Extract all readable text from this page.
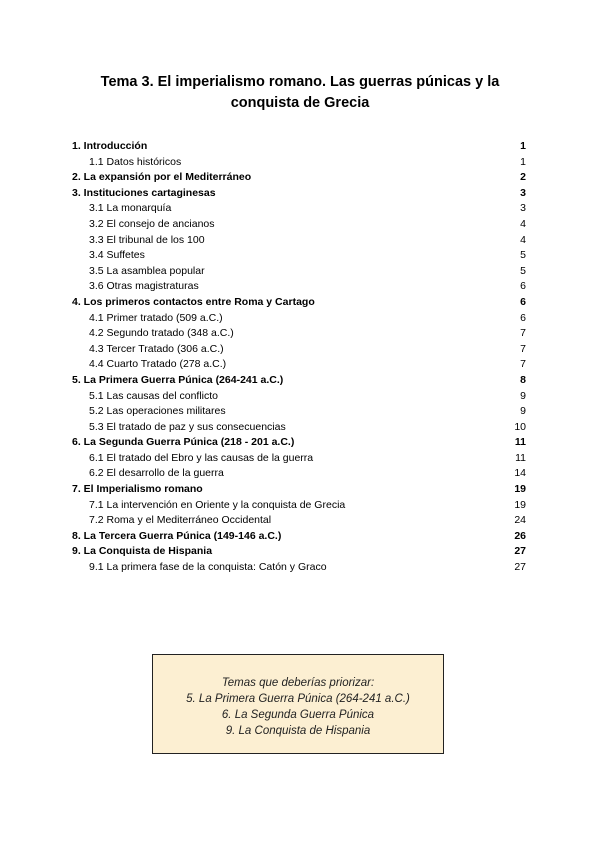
Tema 3. El imperialismo romano. Las guerras púnicas y la
conquista de Grecia
1. Introducción	1
1.1 Datos históricos	1
2. La expansión por el Mediterráneo	2
3. Instituciones cartaginesas	3
3.1 La monarquía	3
3.2 El consejo de ancianos	4
3.3 El tribunal de los 100	4
3.4 Suffetes	5
3.5 La asamblea popular	5
3.6 Otras magistraturas	6
4. Los primeros contactos entre Roma y Cartago	6
4.1 Primer tratado (509 a.C.)	6
4.2 Segundo tratado (348 a.C.)	7
4.3 Tercer Tratado (306 a.C.)	7
4.4 Cuarto Tratado (278 a.C.)	7
5. La Primera Guerra Púnica (264-241 a.C.)	8
5.1 Las causas del conflicto	9
5.2 Las operaciones militares	9
5.3 El tratado de paz y sus consecuencias	10
6. La Segunda Guerra Púnica (218 - 201 a.C.)	11
6.1 El tratado del Ebro y las causas de la guerra	11
6.2 El desarrollo de la guerra	14
7. El Imperialismo romano	19
7.1 La intervención en Oriente y la conquista de Grecia	19
7.2 Roma y el Mediterráneo Occidental	24
8. La Tercera Guerra Púnica (149-146 a.C.)	26
9. La Conquista de Hispania	27
9.1 La primera fase de la conquista: Catón y Graco	27
Temas que deberías priorizar:
5. La Primera Guerra Púnica (264-241 a.C.)
6. La Segunda Guerra Púnica
9. La Conquista de Hispania
